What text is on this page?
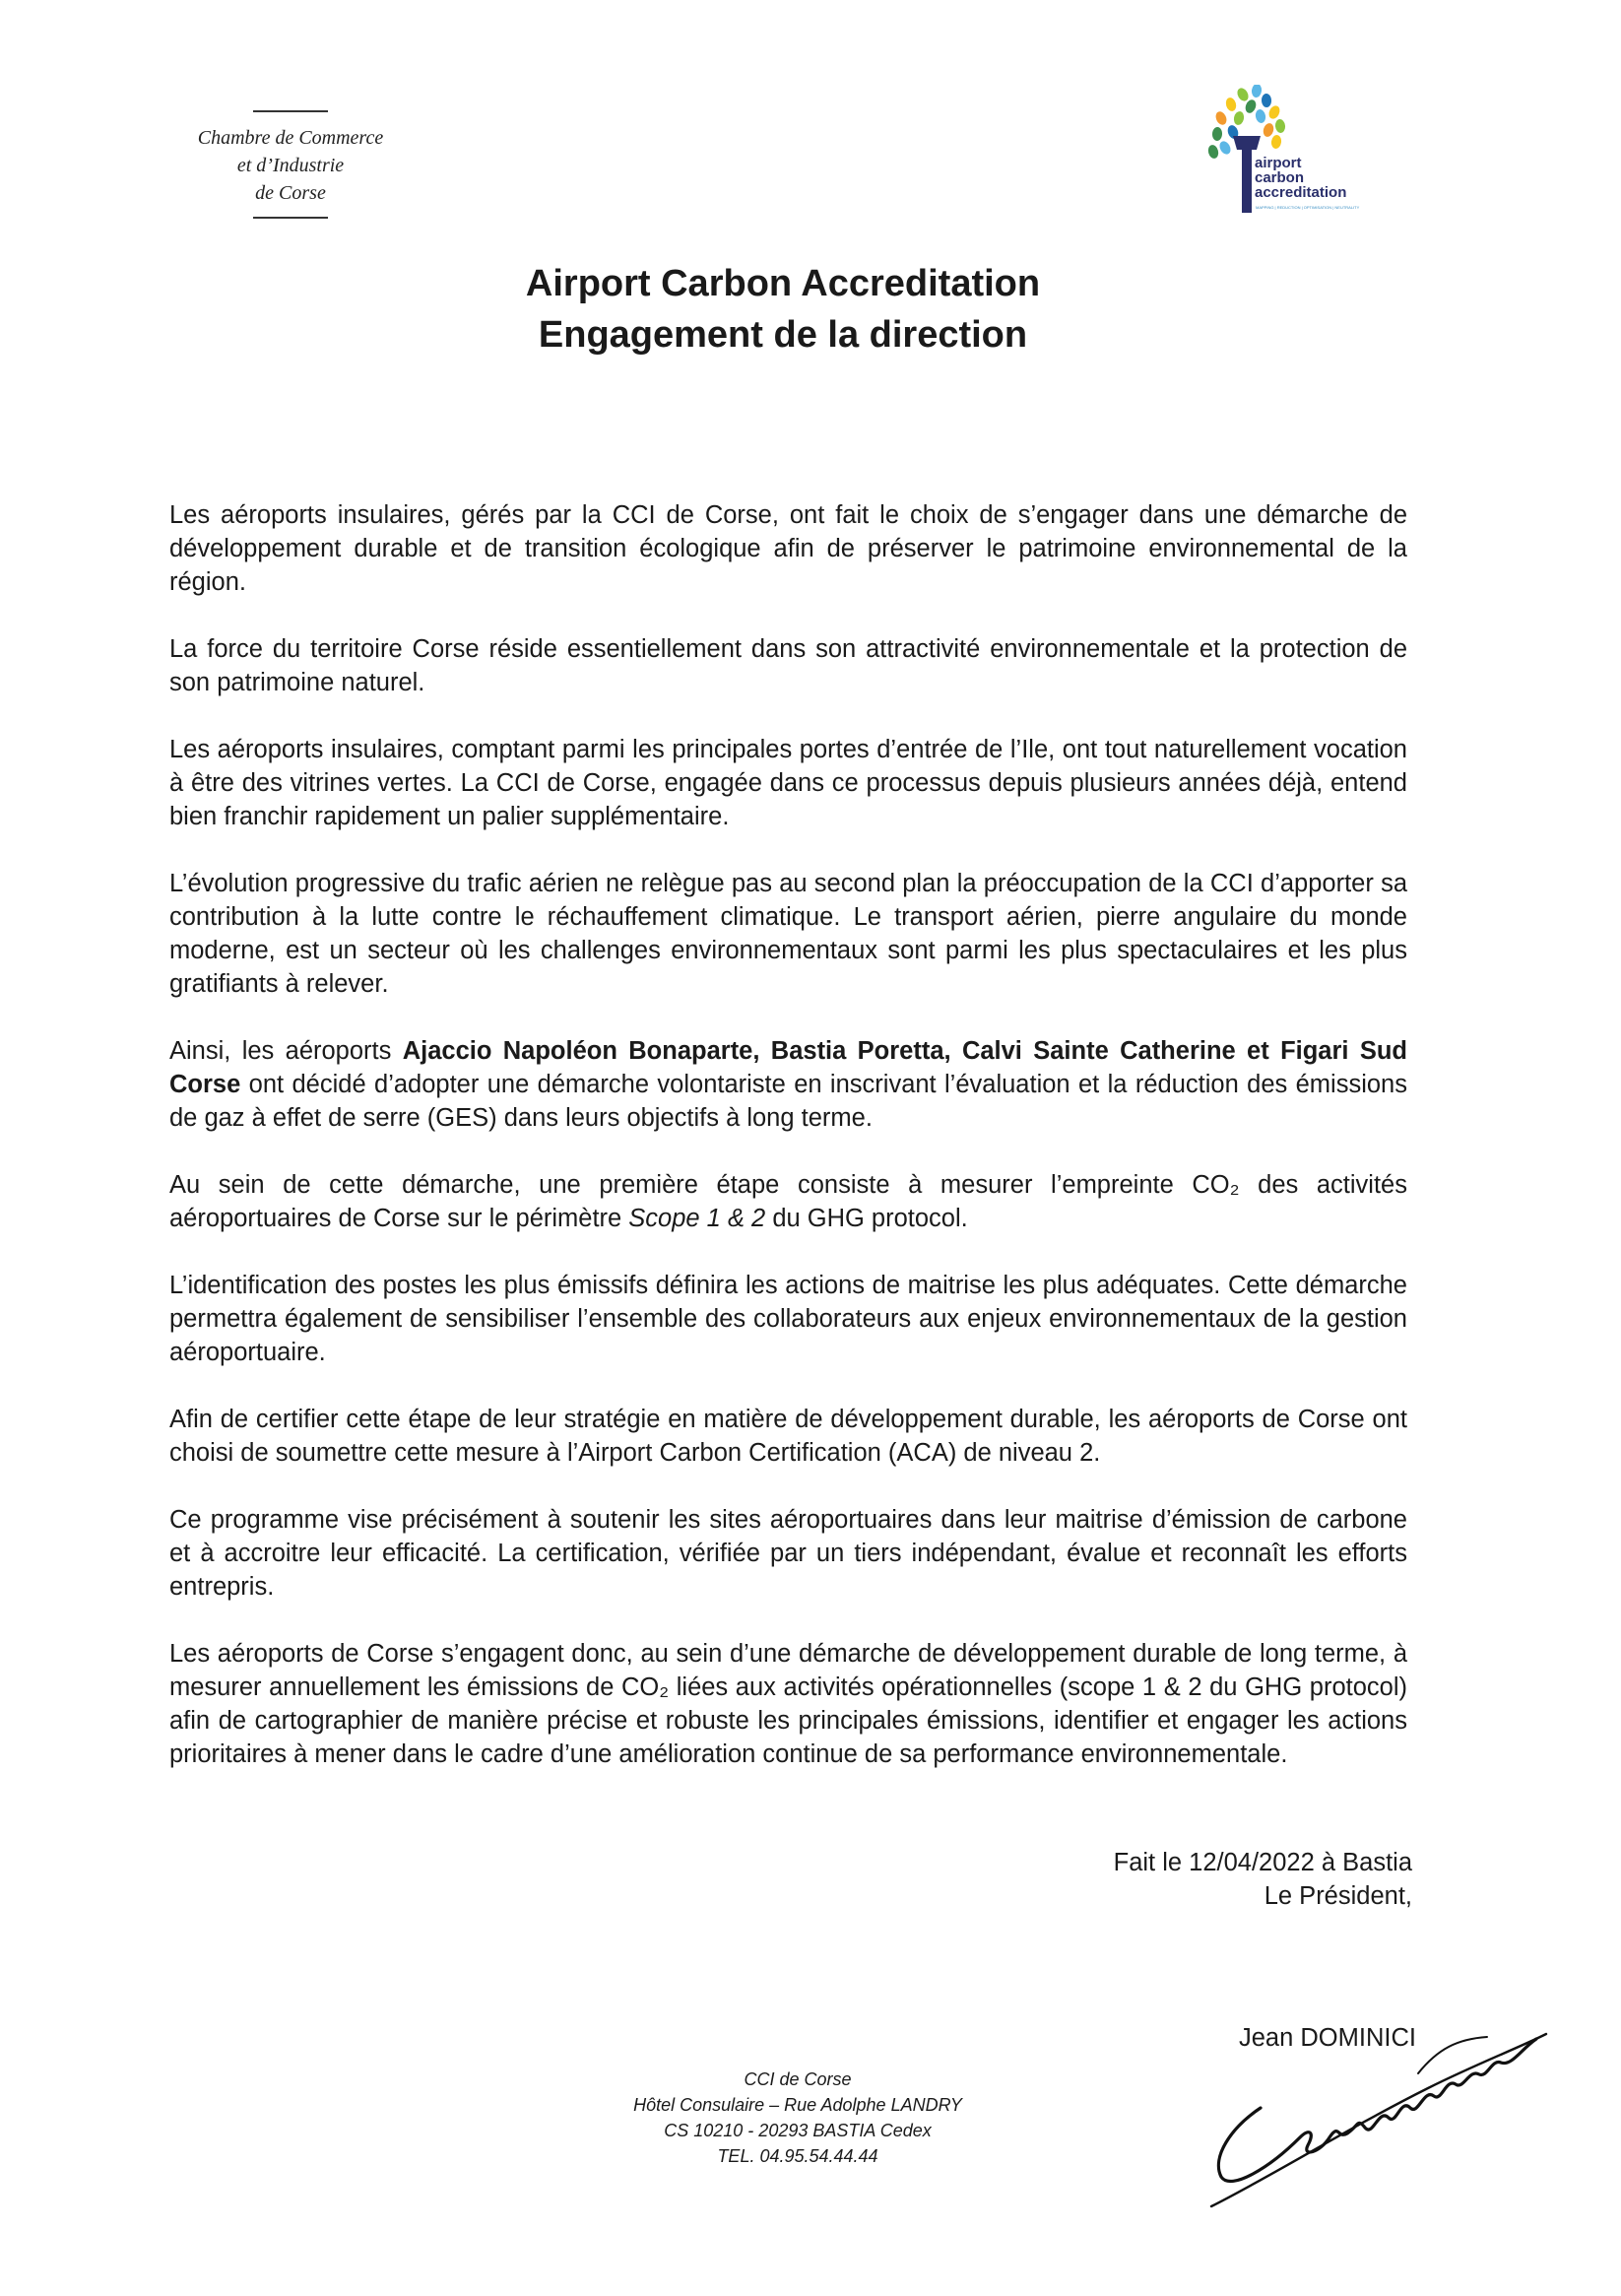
Chambre de Commerce
et d’Industrie
de Corse
airport
carbon
accreditation
MAPPING | REDUCTION | OPTIMISATION | NEUTRALITY
Airport Carbon Accreditation
Engagement de la direction

Les aéroports insulaires, gérés par la CCI de Corse, ont fait le choix de s’engager dans une démarche de développement durable et de transition écologique afin de préserver le patrimoine environnemental de la région.

La force du territoire Corse réside essentiellement dans son attractivité environnementale et la protection de son patrimoine naturel.

Les aéroports insulaires, comptant parmi les principales portes d’entrée de l’Ile, ont tout naturellement vocation à être des vitrines vertes. La CCI de Corse, engagée dans ce processus depuis plusieurs années déjà, entend bien franchir rapidement un palier supplémentaire.

L’évolution progressive du trafic aérien ne relègue pas au second plan la préoccupation de la CCI d’apporter sa contribution à la lutte contre le réchauffement climatique. Le transport aérien, pierre angulaire du monde moderne, est un secteur où les challenges environnementaux sont parmi les plus spectaculaires et les plus gratifiants à relever.

Ainsi, les aéroports Ajaccio Napoléon Bonaparte, Bastia Poretta, Calvi Sainte Catherine et Figari Sud Corse ont décidé d’adopter une démarche volontariste en inscrivant l’évaluation et la réduction des émissions de gaz à effet de serre (GES) dans leurs objectifs à long terme.

Au sein de cette démarche, une première étape consiste à mesurer l’empreinte CO₂ des activités aéroportuaires de Corse sur le périmètre Scope 1 & 2 du GHG protocol.

L’identification des postes les plus émissifs définira les actions de maitrise les plus adéquates. Cette démarche permettra également de sensibiliser l’ensemble des collaborateurs aux enjeux environnementaux de la gestion aéroportuaire.

Afin de certifier cette étape de leur stratégie en matière de développement durable, les aéroports de Corse ont choisi de soumettre cette mesure à l’Airport Carbon Certification (ACA) de niveau 2.

Ce programme vise précisément à soutenir les sites aéroportuaires dans leur maitrise d’émission de carbone et à accroitre leur efficacité. La certification, vérifiée par un tiers indépendant, évalue et reconnaît les efforts entrepris.

Les aéroports de Corse s’engagent donc, au sein d’une démarche de développement durable de long terme, à mesurer annuellement les émissions de CO₂ liées aux activités opérationnelles (scope 1 & 2 du GHG protocol) afin de cartographier de manière précise et robuste les principales émissions, identifier et engager les actions prioritaires à mener dans le cadre d’une amélioration continue de sa performance environnementale.

Fait le 12/04/2022 à Bastia
Le Président,
Jean DOMINICI
CCI de Corse
Hôtel Consulaire – Rue Adolphe LANDRY
CS 10210 - 20293 BASTIA Cedex
TEL. 04.95.54.44.44
